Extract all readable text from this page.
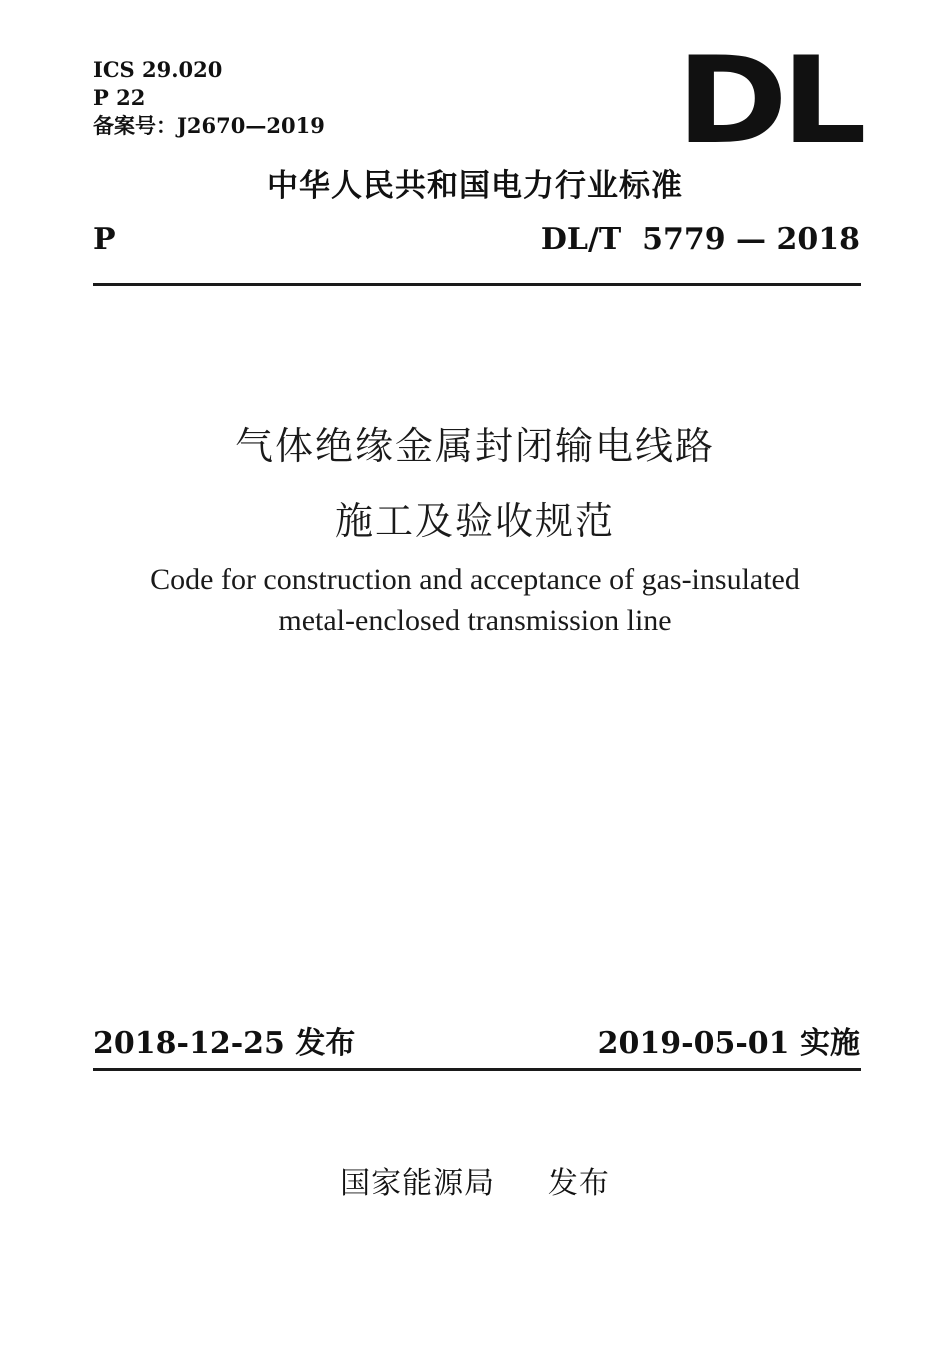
ICS 29.020
P 22
备案号：J2670—2019	DL
中华人民共和国电力行业标准
P	DL/T  5779 — 2018
气体绝缘金属封闭输电线路
施工及验收规范
Code for construction and acceptance of gas-insulated
metal-enclosed transmission line
2018-12-25 发布	2019-05-01 实施
国家能源局     发布
